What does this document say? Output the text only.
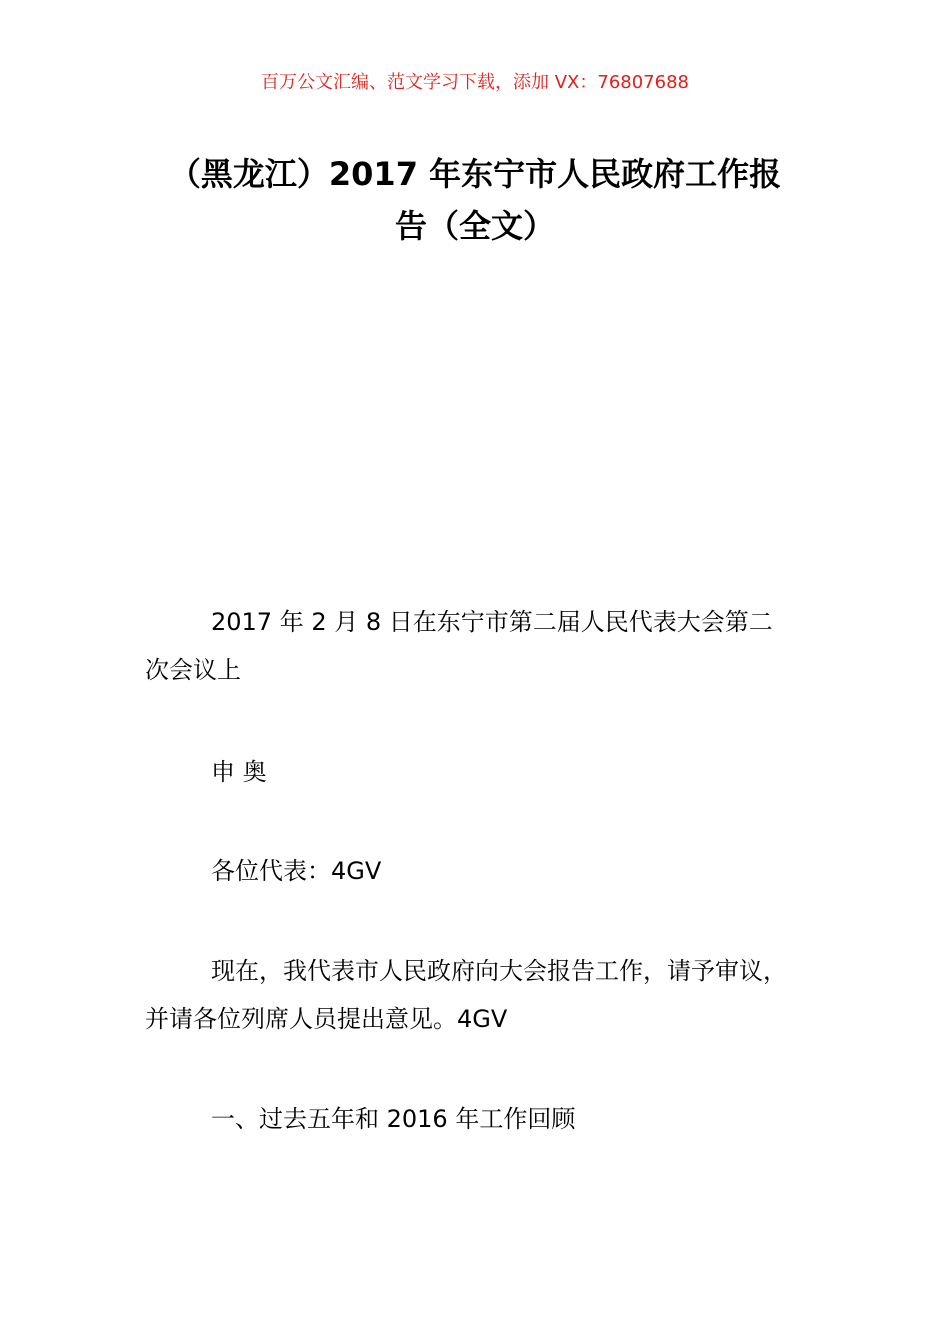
百万公文汇编、范文学习下载，添加 VX：76807688
（黑龙江）2017 年东宁市人民政府工作报
告（全文）
2017 年 2 月 8 日在东宁市第二届人民代表大会第二
次会议上
申 奥
各位代表：4GV
现在，我代表市人民政府向大会报告工作，请予审议，
并请各位列席人员提出意见。4GV
一、过去五年和 2016 年工作回顾
